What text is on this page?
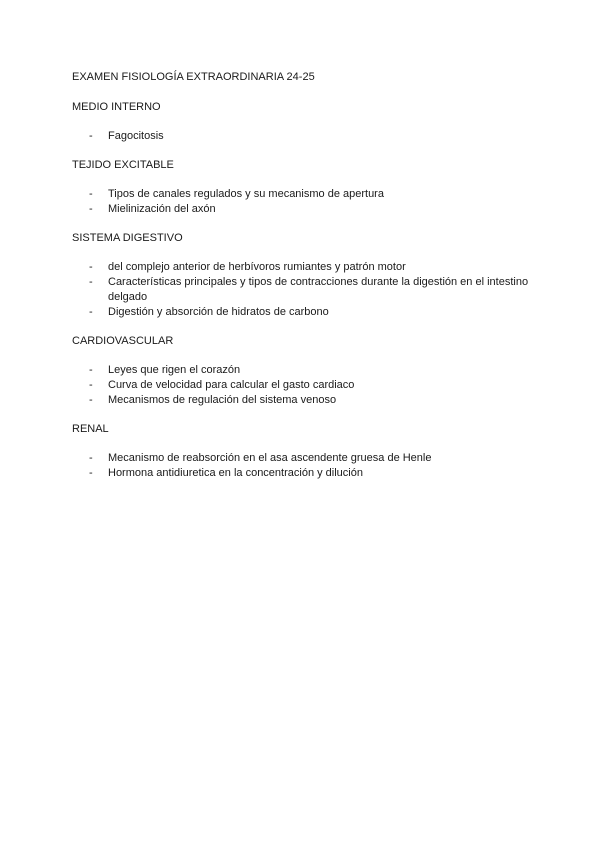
EXAMEN FISIOLOGÍA EXTRAORDINARIA 24-25

MEDIO INTERNO

- Fagocitosis

TEJIDO EXCITABLE

- Tipos de canales regulados y su mecanismo de apertura
- Mielinización del axón

SISTEMA DIGESTIVO

- del complejo anterior de herbívoros rumiantes y patrón motor
- Características principales y tipos de contracciones durante la digestión en el intestino delgado
- Digestión y absorción de hidratos de carbono

CARDIOVASCULAR

- Leyes que rigen el corazón
- Curva de velocidad para calcular el gasto cardiaco
- Mecanismos de regulación del sistema venoso

RENAL

- Mecanismo de reabsorción en el asa ascendente gruesa de Henle
- Hormona antidiuretica en la concentración y dilución
